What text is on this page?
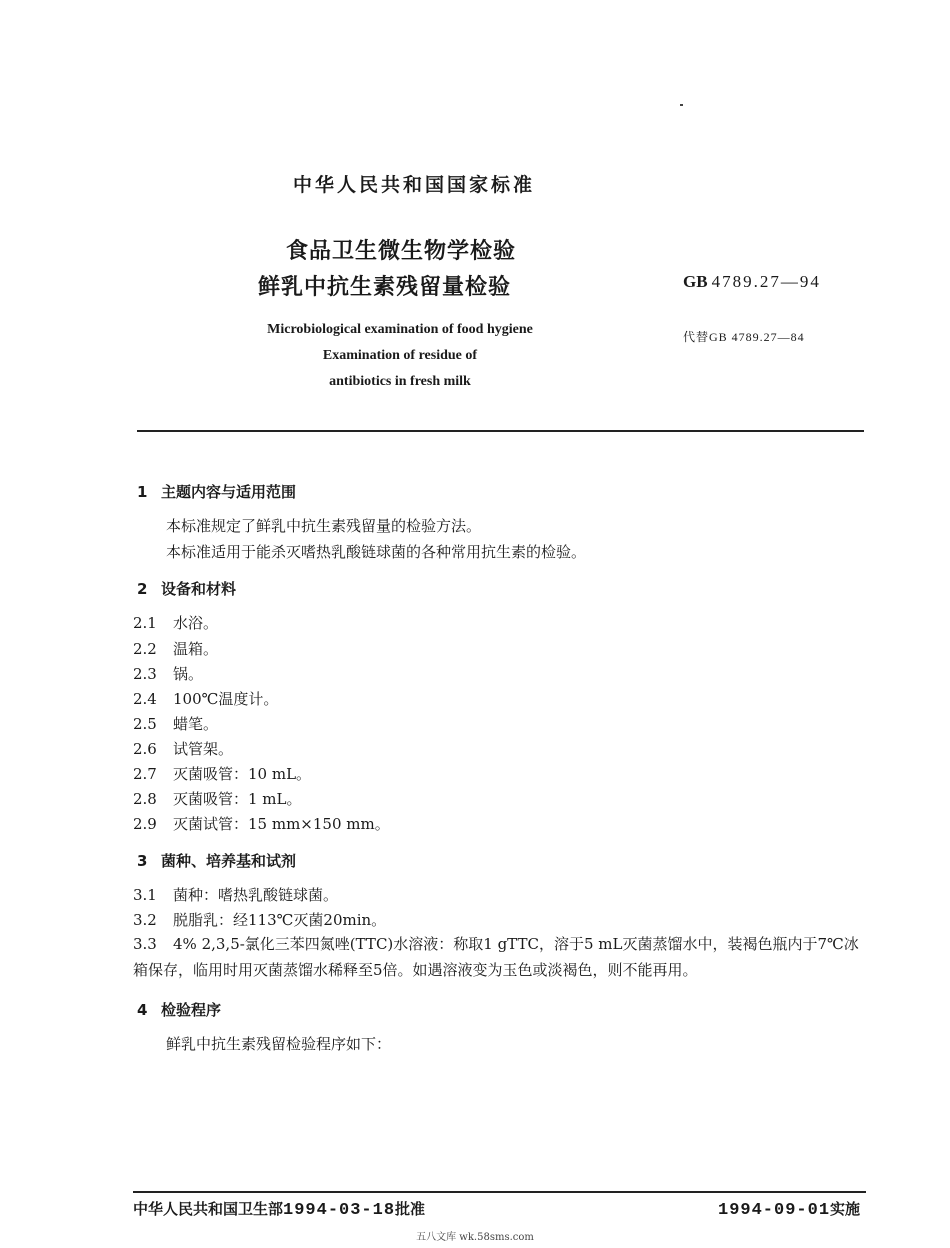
中华人民共和国国家标准
食品卫生微生物学检验
鲜乳中抗生素残留量检验	GB 4789.27—94
Microbiological examination of food hygiene
Examination of residue of
antibiotics in fresh milk
代替GB 4789.27—84
1 主题内容与适用范围
本标准规定了鲜乳中抗生素残留量的检验方法。
本标准适用于能杀灭嗜热乳酸链球菌的各种常用抗生素的检验。
2 设备和材料
2.1 水浴。
2.2 温箱。
2.3 锅。
2.4 100℃温度计。
2.5 蜡笔。
2.6 试管架。
2.7 灭菌吸管：10 mL。
2.8 灭菌吸管：1 mL。
2.9 灭菌试管：15 mm×150 mm。
3 菌种、培养基和试剂
3.1 菌种：嗜热乳酸链球菌。
3.2 脱脂乳：经113℃灭菌20min。
3.3 4% 2,3,5-氯化三苯四氮唑(TTC)水溶液：称取1 gTTC，溶于5 mL灭菌蒸馏水中，装褐色瓶内于7℃冰箱保存，临用时用灭菌蒸馏水稀释至5倍。如遇溶液变为玉色或淡褐色，则不能再用。
4 检验程序
鲜乳中抗生素残留检验程序如下：
中华人民共和国卫生部1994-03-18批准	1994-09-01实施
五八文库 wk.58sms.com
